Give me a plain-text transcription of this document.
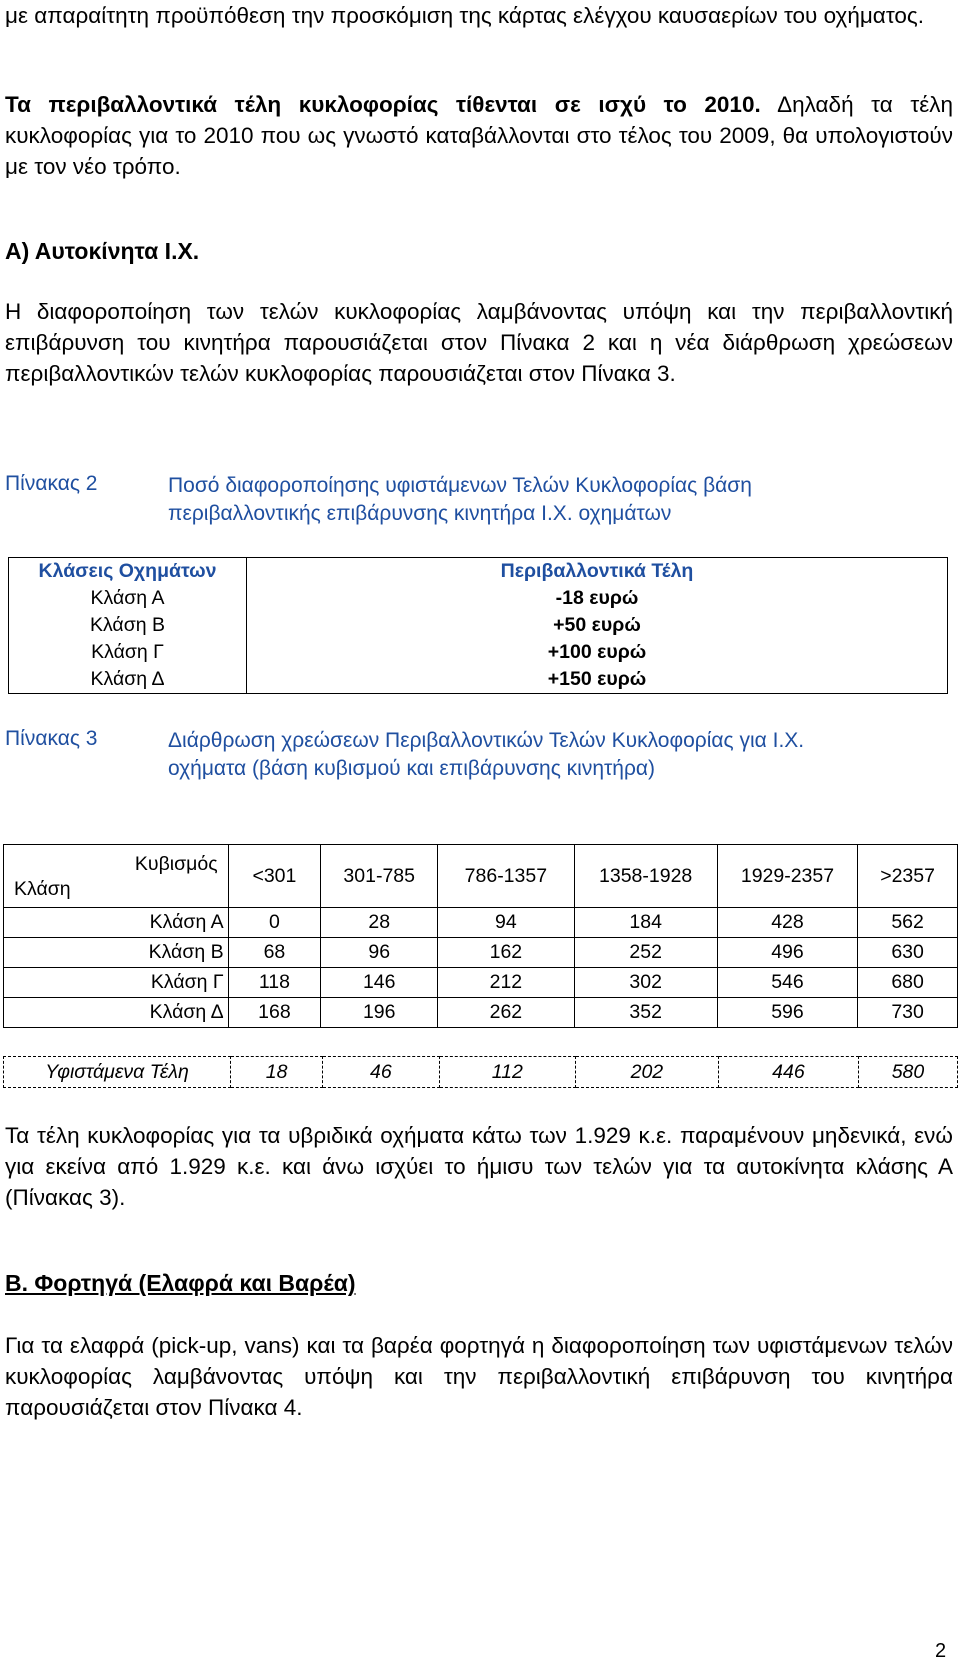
με απαραίτητη προϋπόθεση την προσκόμιση της κάρτας ελέγχου καυσαερίων του οχήματος.

Τα περιβαλλοντικά τέλη κυκλοφορίας τίθενται σε ισχύ το 2010. Δηλαδή τα τέλη κυκλοφορίας για το 2010 που ως γνωστό καταβάλλονται στο τέλος του 2009, θα υπολογιστούν με τον νέο τρόπο.

Α) Αυτοκίνητα Ι.Χ.

Η διαφοροποίηση των τελών κυκλοφορίας λαμβάνοντας υπόψη και την περιβαλλοντική επιβάρυνση του κινητήρα παρουσιάζεται στον Πίνακα 2 και η νέα διάρθρωση χρεώσεων περιβαλλοντικών τελών κυκλοφορίας παρουσιάζεται στον Πίνακα 3.

Πίνακας 2	Ποσό διαφοροποίησης υφιστάμενων Τελών Κυκλοφορίας βάση περιβαλλοντικής επιβάρυνσης κινητήρα Ι.Χ. οχημάτων
Κλάσεις Οχημάτων	Περιβαλλοντικά Τέλη
Κλάση Α	-18 ευρώ
Κλάση Β	+50 ευρώ
Κλάση Γ	+100 ευρώ
Κλάση Δ	+150 ευρώ
Πίνακας 3	Διάρθρωση χρεώσεων Περιβαλλοντικών Τελών Κυκλοφορίας για Ι.Χ. οχήματα (βάση κυβισμού και επιβάρυνσης κινητήρα)
Κυβισμός
Κλάση	<301	301-785	786-1357	1358-1928	1929-2357	>2357
Κλάση Α	0	28	94	184	428	562
Κλάση Β	68	96	162	252	496	630
Κλάση Γ	118	146	212	302	546	680
Κλάση Δ	168	196	262	352	596	730
Υφιστάμενα Τέλη	18	46	112	202	446	580

Τα τέλη κυκλοφορίας για τα υβριδικά οχήματα κάτω των 1.929 κ.ε. παραμένουν μηδενικά, ενώ για εκείνα από 1.929 κ.ε. και άνω ισχύει το ήμισυ των τελών για τα αυτοκίνητα κλάσης Α (Πίνακας 3).

Β. Φορτηγά (Ελαφρά και Βαρέα)

Για τα ελαφρά (pick-up, vans) και τα βαρέα φορτηγά η διαφοροποίηση των υφιστάμενων τελών κυκλοφορίας λαμβάνοντας υπόψη και την περιβαλλοντική επιβάρυνση του κινητήρα παρουσιάζεται στον Πίνακα 4.

2
